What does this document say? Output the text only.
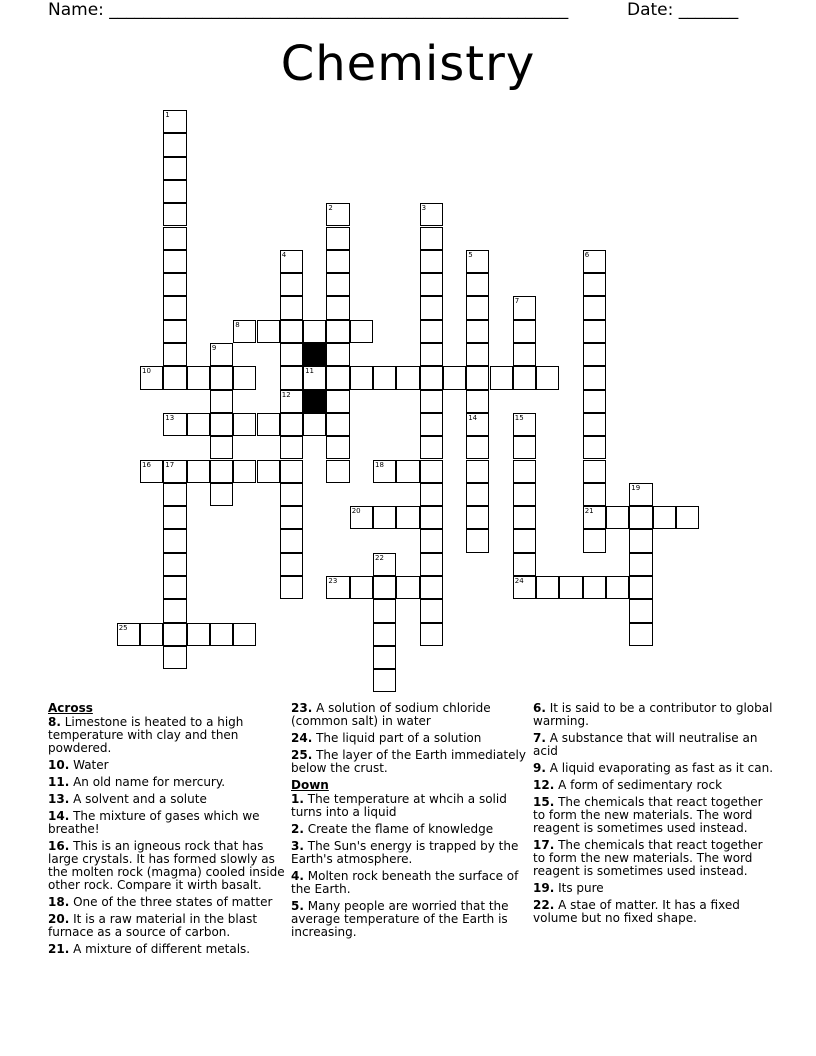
Name: ______________________________________________________	Date: _______
Chemistry
8
10	11
13
16 17	18
20	21
23	24
25
1
2	3
4
12
5
14
6
7
9
15
19
22
Across
8. Limestone is heated to a high temperature with clay and then powdered.
10. Water
11. An old name for mercury.
13. A solvent and a solute
14. The mixture of gases which we breathe!
16. This is an igneous rock that has large crystals. It has formed slowly as the molten rock (magma) cooled inside other rock. Compare it wirth basalt.
18. One of the three states of matter
20. It is a raw material in the blast furnace as a source of carbon.
21. A mixture of different metals.
23. A solution of sodium chloride (common salt) in water
24. The liquid part of a solution
25. The layer of the Earth immediately below the crust.
Down
1. The temperature at whcih a solid turns into a liquid
2. Create the flame of knowledge
3. The Sun's energy is trapped by the Earth's atmosphere.
4. Molten rock beneath the surface of the Earth.
5. Many people are worried that the average temperature of the Earth is increasing.
6. It is said to be a contributor to global warming.
7. A substance that will neutralise an acid
9. A liquid evaporating as fast as it can.
12. A form of sedimentary rock
15. The chemicals that react together to form the new materials. The word reagent is sometimes used instead.
17. The chemicals that react together to form the new materials. The word reagent is sometimes used instead.
19. Its pure
22. A stae of matter. It has a fixed volume but no fixed shape.
